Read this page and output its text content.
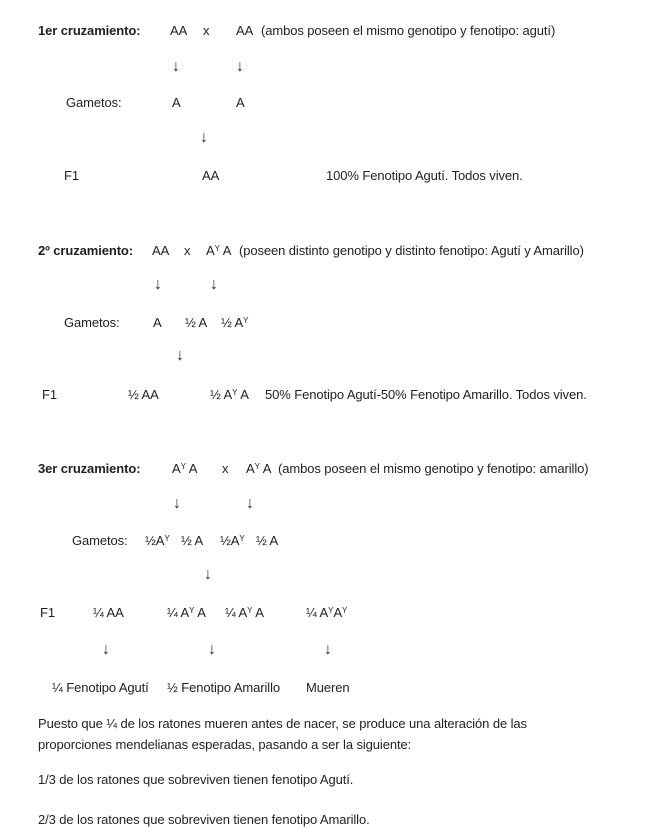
1er cruzamiento: AA x AA (ambos poseen el mismo genotipo y fenotipo: agutí)
↓	↓
Gametos:	A	A
↓
F1	AA	100% Fenotipo Agutí. Todos viven.
2º cruzamiento: AA x $A^Y$ A (poseen distinto genotipo y distinto fenotipo: Agutí y Amarillo)
↓	↓
Gametos:	A ½ A ½ $A^Y$
↓
F1	½ AA	½ $A^Y$ A 50% Fenotipo Agutí-50% Fenotipo Amarillo. Todos viven.
3er cruzamiento: $A^Y$ A x $A^Y$ A (ambos poseen el mismo genotipo y fenotipo: amarillo)
↓	↓
Gametos: $\frac{1}{2}A^Y$ ½ A $\frac{1}{2}A^Y$ ½ A
↓
F1	¼ AA	¼ $A^Y$ A ¼ $A^Y$ A	¼ $A^YA^Y$
↓	↓	↓
¼ Fenotipo Agutí ½ Fenotipo Amarillo Mueren

Puesto que ¼ de los ratones mueren antes de nacer, se produce una alteración de las proporciones mendelianas esperadas, pasando a ser la siguiente:

1/3 de los ratones que sobreviven tienen fenotipo Agutí.

2/3 de los ratones que sobreviven tienen fenotipo Amarillo.
